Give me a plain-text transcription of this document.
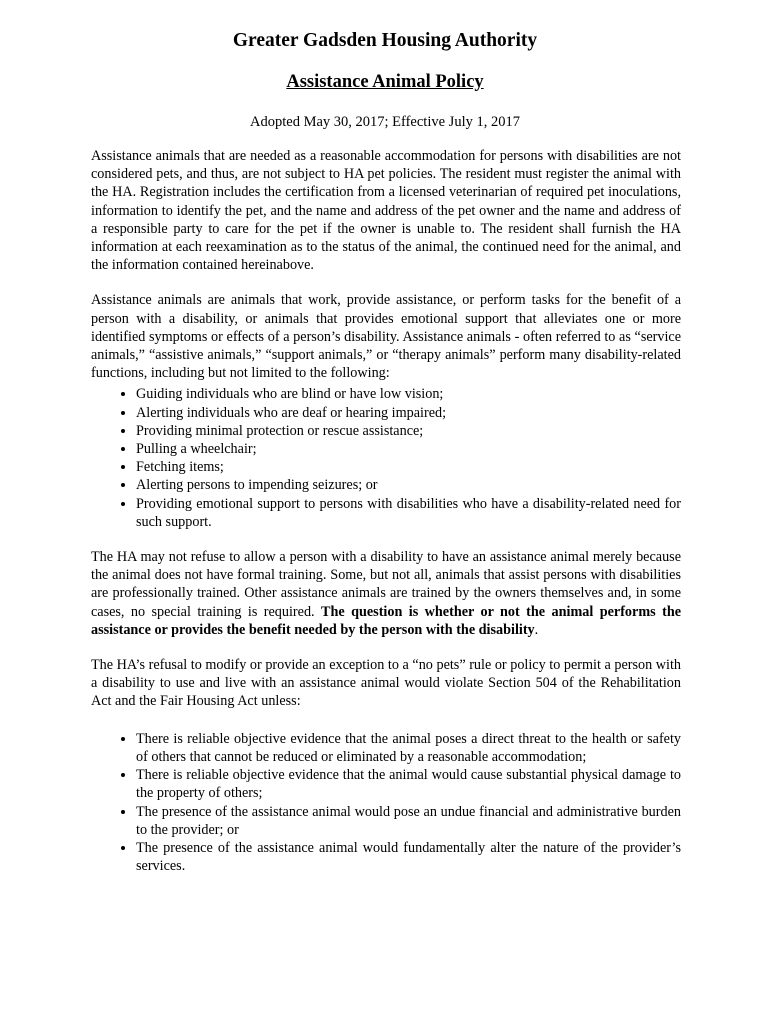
Greater Gadsden Housing Authority
Assistance Animal Policy
Adopted May 30, 2017; Effective July 1, 2017

Assistance animals that are needed as a reasonable accommodation for persons with disabilities are not considered pets, and thus, are not subject to HA pet policies. The resident must register the animal with the HA. Registration includes the certification from a licensed veterinarian of required pet inoculations, information to identify the pet, and the name and address of the pet owner and the name and address of a responsible party to care for the pet if the owner is unable to. The resident shall furnish the HA information at each reexamination as to the status of the animal, the continued need for the animal, and the information contained hereinabove.

Assistance animals are animals that work, provide assistance, or perform tasks for the benefit of a person with a disability, or animals that provides emotional support that alleviates one or more identified symptoms or effects of a person’s disability. Assistance animals - often referred to as “service animals,” “assistive animals,” “support animals,” or “therapy animals” perform many disability-related functions, including but not limited to the following:

• Guiding individuals who are blind or have low vision;
• Alerting individuals who are deaf or hearing impaired;
• Providing minimal protection or rescue assistance;
• Pulling a wheelchair;
• Fetching items;
• Alerting persons to impending seizures; or
• Providing emotional support to persons with disabilities who have a disability-related need for such support.

The HA may not refuse to allow a person with a disability to have an assistance animal merely because the animal does not have formal training. Some, but not all, animals that assist persons with disabilities are professionally trained. Other assistance animals are trained by the owners themselves and, in some cases, no special training is required. The question is whether or not the animal performs the assistance or provides the benefit needed by the person with the disability.

The HA’s refusal to modify or provide an exception to a “no pets” rule or policy to permit a person with a disability to use and live with an assistance animal would violate Section 504 of the Rehabilitation Act and the Fair Housing Act unless:

• There is reliable objective evidence that the animal poses a direct threat to the health or safety of others that cannot be reduced or eliminated by a reasonable accommodation;
• There is reliable objective evidence that the animal would cause substantial physical damage to the property of others;
• The presence of the assistance animal would pose an undue financial and administrative burden to the provider; or
• The presence of the assistance animal would fundamentally alter the nature of the provider’s services.
